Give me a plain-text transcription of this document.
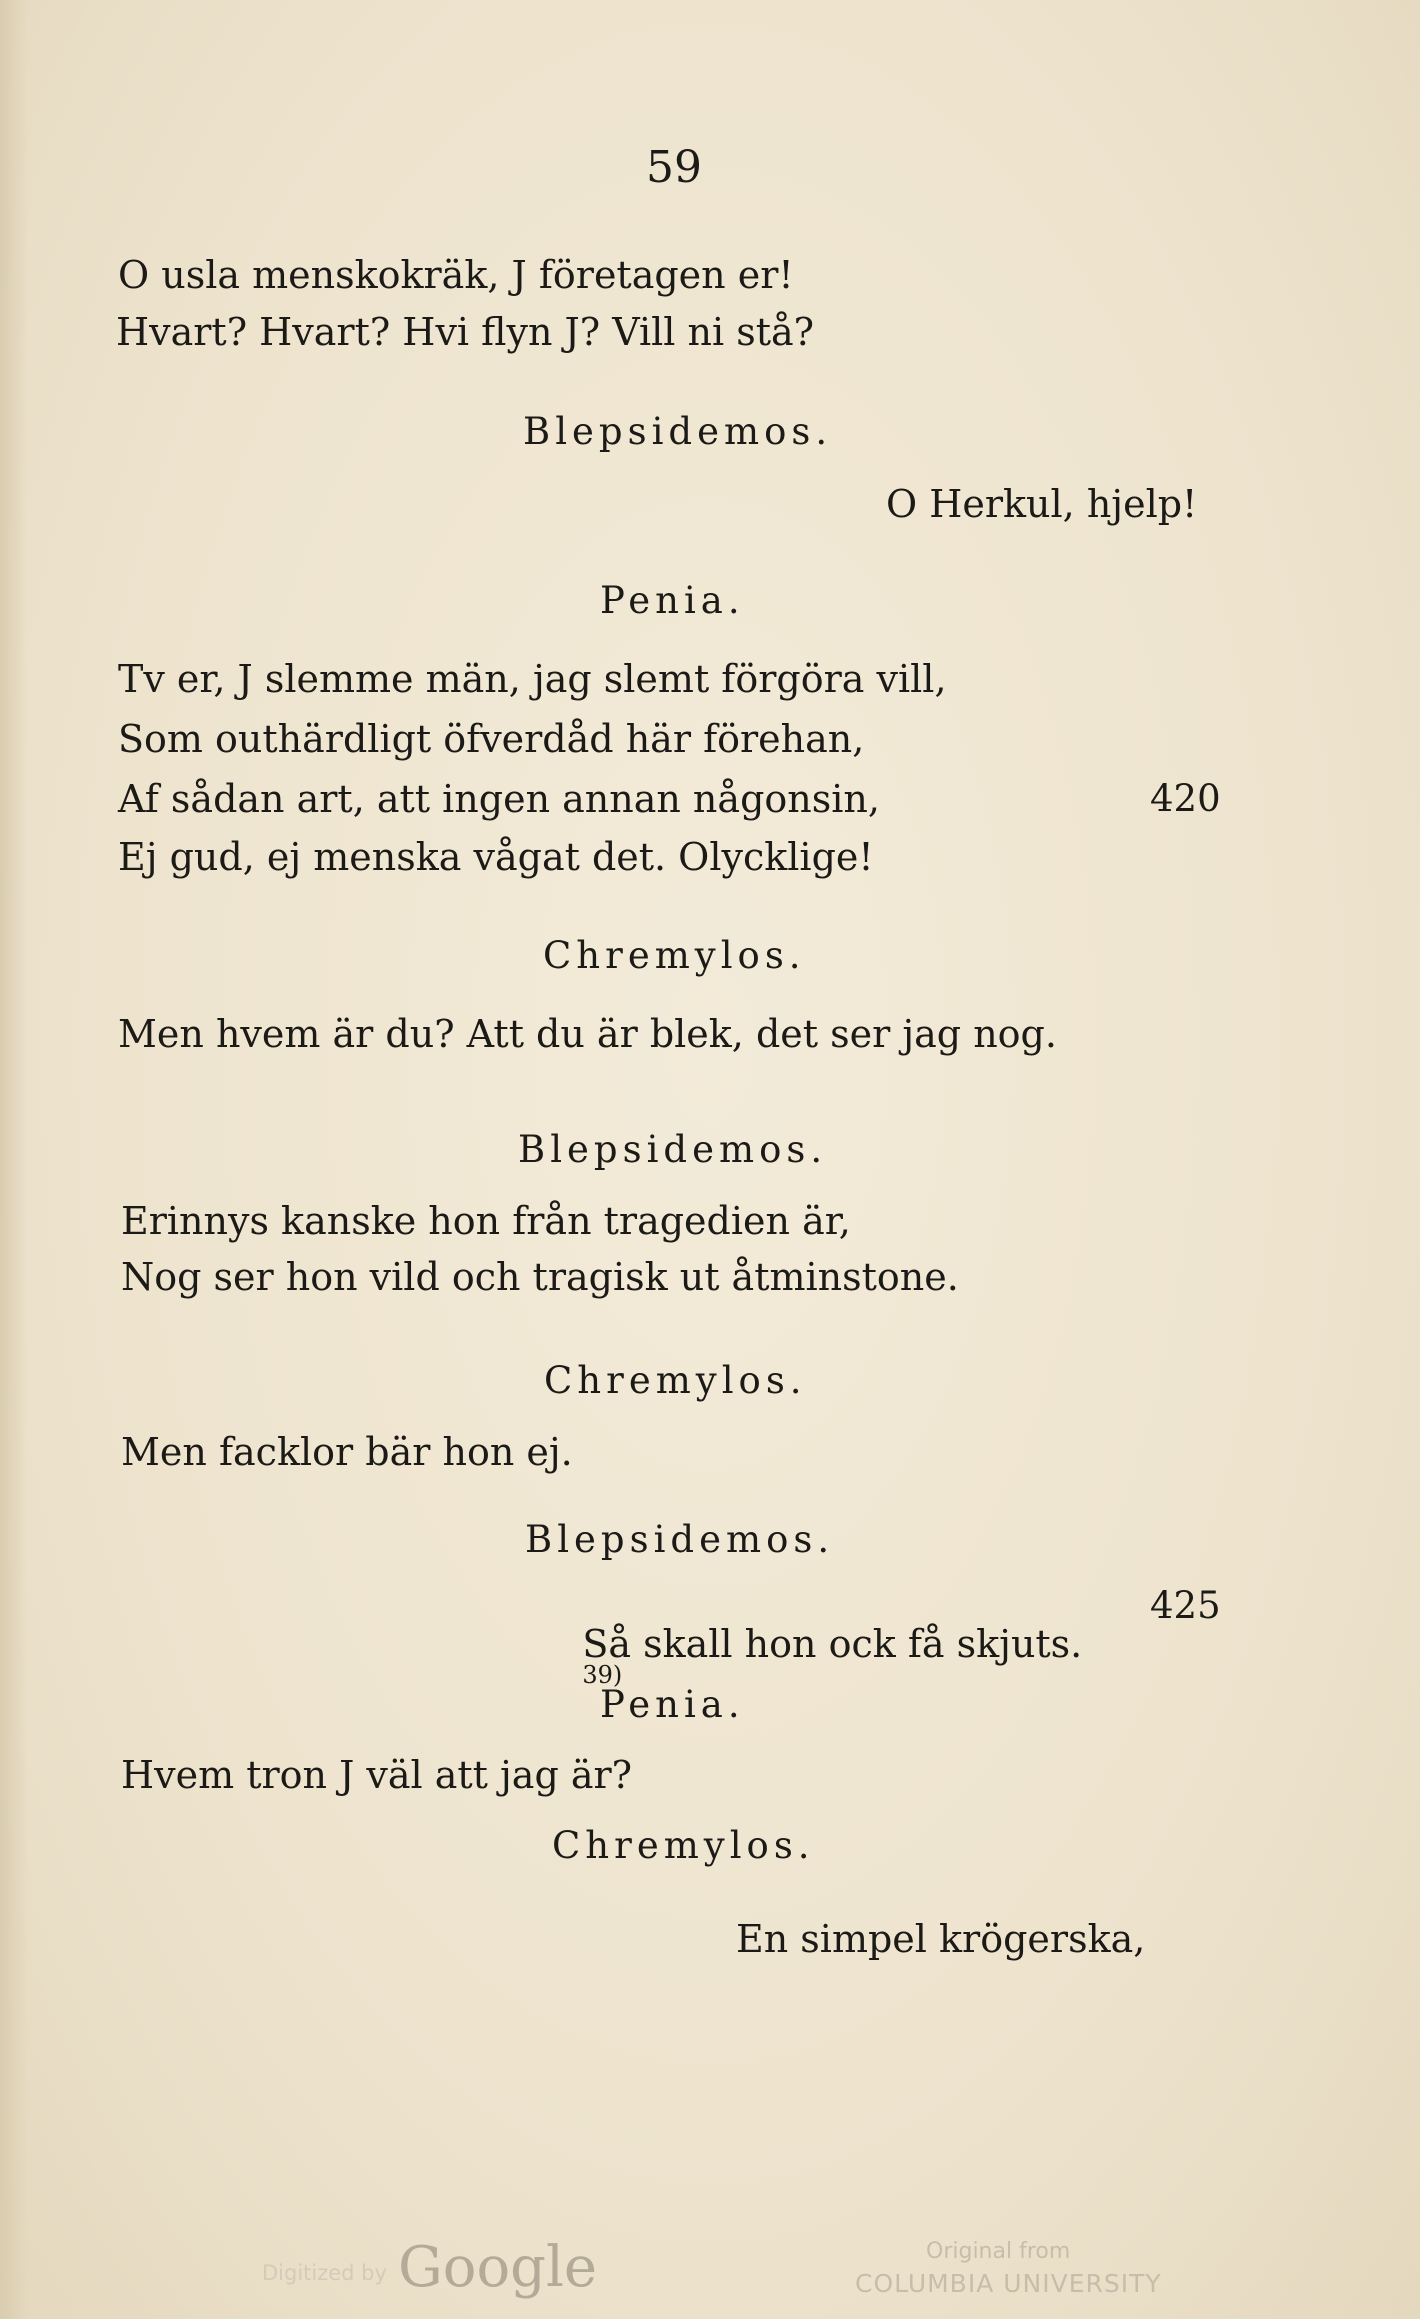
59
O usla menskokräk, J företagen er!
Hvart? Hvart? Hvi flyn J? Vill ni stå?
Blepsidemos.
O Herkul, hjelp!
Penia.
Tv er, J slemme män, jag slemt förgöra vill,
Som outhärdligt öfverdåd här förehan,
Af sådan art, att ingen annan någonsin,	420
Ej gud, ej menska vågat det. Olycklige!
Chremylos.
Men hvem är du? Att du är blek, det ser jag nog.
Blepsidemos.
Erinnys kanske hon från tragedien är,
Nog ser hon vild och tragisk ut åtminstone.
Chremylos.
Men facklor bär hon ej.
Blepsidemos.

Så skall hon ock få skjuts.
$^{39)}$

425
Penia.
Hvem tron J väl att jag är?
Chremylos.
En simpel krögerska,
Digitized by Google	Original from
COLUMBIA UNIVERSITY
